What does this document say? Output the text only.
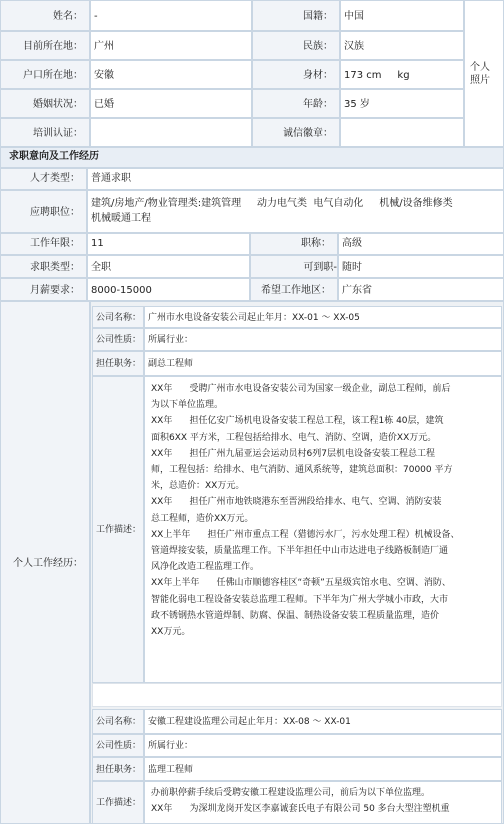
姓名：	-	国籍：	中国
目前所在地：	广州	民族：	汉族
户口所在地：	安徽	身材：	173 cm     kg
婚姻状况：	已婚	年龄：	35 岁
培训认证：	诚信徽章：
个人照片
求职意向及工作经历
人才类型：	普通求职
应聘职位：
建筑/房地产/物业管理类:建筑管理     动力电气类  电气自动化     机械/设备维修类
机械暖通工程
工作年限：	11	职称：	高级
求职类型：	全职	可到职- 随时
月薪要求：	8000-15000	希望工作地区：	广东省
个人工作经历：
公司名称： 广州市水电设备安装公司起止年月：XX-01 ～ XX-05
公司性质： 所属行业：
担任职务： 副总工程师
工作描述：
XX年      受聘广州市水电设备安装公司为国家一级企业，副总工程师，前后
为以下单位监理。
XX年      担任亿安广场机电设备安装工程总工程，该工程1栋 40层，建筑
面积6XX 平方米，工程包括给排水、电气、消防、空调，造价XX万元。
XX年      担任广州九届亚运会运动员村6列7层机电设备安装工程总工程
师，工程包括：给排水、电气消防、通风系统等，建筑总面积：70000 平方
米，总造价：XX万元。
XX年      担任广州市地铁晓港东至晋洲段给排水、电气、空调、消防安装
总工程师，造价XX万元。
XX上半年      担任广州市重点工程（猎德污水厂，污水处理工程）机械设备、
管道焊接安装，质量监理工作。下半年担任中山市达进电子线路板制造厂通
风净化改造工程监理工作。
XX年上半年      任佛山市顺德容桂区“奇顿”五星级宾馆水电、空调、消防、
智能化弱电工程设备安装总监理工程师。下半年为广州大学城小市政，大市
政不锈钢热水管道焊制、防腐、保温、制热设备安装工程质量监理，造价
XX万元。
公司名称： 安徽工程建设监理公司起止年月：XX-08 ～ XX-01
公司性质： 所属行业：
担任职务： 监理工程师
工作描述：
办前职停薪手续后受聘安徽工程建设监理公司，前后为以下单位监理。
XX年      为深圳龙岗开发区李嘉诚套氏电子有限公司 50 多台大型注塑机重
